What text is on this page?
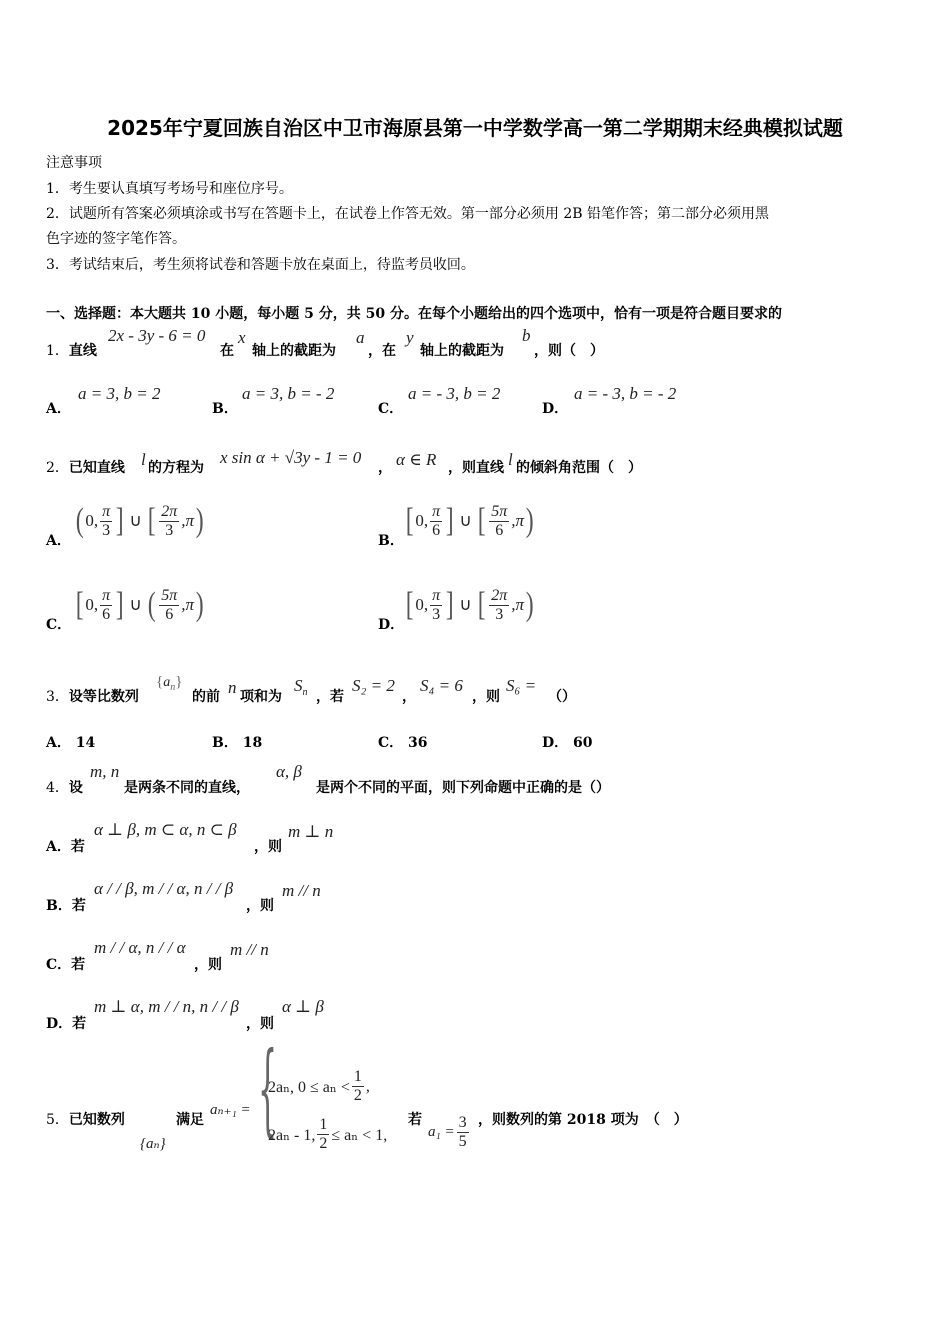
2025年宁夏回族自治区中卫市海原县第一中学数学高一第二学期期末经典模拟试题
注意事项
1．考生要认真填写考场号和座位序号。
2．试题所有答案必须填涂或书写在答题卡上，在试卷上作答无效。第一部分必须用 2B 铅笔作答；第二部分必须用黑
色字迹的签字笔作答。
3．考试结束后，考生须将试卷和答题卡放在桌面上，待监考员收回。
一、选择题：本大题共 10 小题，每小题 5 分，共 50 分。在每个小题给出的四个选项中，恰有一项是符合题目要求的
1．直线
2x - 3y - 6 = 0
在
x
轴上的截距为
a
，在
y
轴上的截距为
b
，则（　）
A．
a = 3, b = 2
B．
a = 3, b = - 2
C．
a = - 3, b = 2
D．
a = - 3, b = - 2
2．已知直线 l 的方程为
x sin α + √3y - 1 = 0
， α ∈ R ，则直线 l 的倾斜角范围（　）
A．
( 0, $\frac{\pi}{3}$ ] ∪ [ $\frac{2\pi}{3} ,\pi$ )
B．
[ 0, $\frac{\pi}{6}$ ] ∪ [ $\frac{5\pi}{6} ,\pi$ )
C．
[ 0, $\frac{\pi}{6}$ ] ∪ ( $\frac{5\pi}{6} ,\pi$ )
D．
[ 0, $\frac{\pi}{3}$ ] ∪ [ $\frac{2\pi}{3} ,\pi$ )
3．设等比数列
$\{a_n\}$
的前 n 项和为
$S_n$ ，若
S₂ = 2
，
S₄ = 6
，则
S₆ =
（）
A． 14	B． 18	C． 36	D． 60
4．设
m, n
是两条不同的直线，
α, β
是两个不同的平面，则下列命题中正确的是（）
A．若
α ⊥ β, m ⊂ α, n ⊂ β
，则
m ⊥ n
B．若
α / / β, m / / α, n / / β
，则
m // n
C．若
m / / α, n / / α
，则
m // n
D．若
m ⊥ α, m / / n, n / / β
，则
α ⊥ β
5．已知数列
{aₙ}
满足
aₙ₊₁ = {
2aₙ, $0 \le a_n < \frac{1}{2}$ ,
2aₙ - 1, $\frac{1}{2} \le a_n < 1$,
若
$a_1 = \frac{3}{5}$ ，则数列的第 2018 项为　（　）
